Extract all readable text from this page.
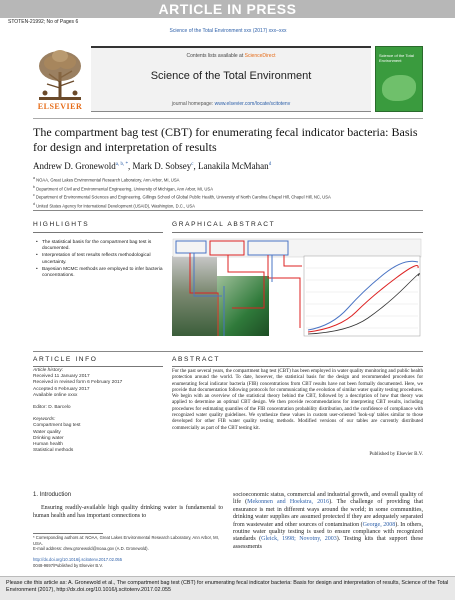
ARTICLE IN PRESS
STOTEN-21992; No of Pages 6
Science of the Total Environment xxx (2017) xxx–xxx
ELSEVIER
Contents lists available at ScienceDirect
Science of the Total Environment
journal homepage: www.elsevier.com/locate/scitotenv
Science of the Total Environment
The compartment bag test (CBT) for enumerating fecal indicator bacteria: Basis for design and interpretation of results
Andrew D. Gronewold$^{a, b, *}$, Mark D. Sobsey$^c$, Lanakila McMahan$^d$
$^a$ NOAA, Great Lakes Environmental Research Laboratory, Ann Arbor, MI, USA
$^b$ Department of Civil and Environmental Engineering, University of Michigan, Ann Arbor, MI, USA
$^c$ Department of Environmental Sciences and Engineering, Gillings School of Global Public Health, University of North Carolina Chapel Hill, Chapel Hill, NC, USA
$^d$ United States Agency for International Development (USAID), Washington, D.C., USA
HIGHLIGHTS
• The statistical basis for the compartment bag test is documented.
• Interpretation of test results reflects methodological uncertainty.
• Bayesian MCMC methods are employed to infer bacteria concentrations.
GRAPHICAL ABSTRACT
ARTICLE INFO
Article history:
Received 11 January 2017
Received in revised form 6 February 2017
Accepted 6 February 2017
Available online xxxx
Editor: D. Barcelo
Keywords:
Compartment bag test
Water quality
Drinking water
Human health
Statistical methods
ABSTRACT
For the past several years, the compartment bag test (CBT) has been employed in water quality monitoring and public health protection around the world. To date, however, the statistical basis for the design and recommended procedures for enumerating fecal indicator bacteria (FIB) concentrations from CBT results have not been formally documented. Here, we provide that documentation following protocols for communicating the evolution of similar water quality testing procedures. We begin with an overview of the statistical theory behind the CBT, followed by a description of how that theory was applied to determine an optimal CBT design. We then provide recommendations for interpreting CBT results, including procedures for estimating quantiles of the FIB concentration probability distribution, and the confidence of compliance with recognized water quality guidelines. We synthesize these values in custom user-oriented 'look-up' tables similar to those developed for other FIB water quality testing methods. Modified versions of our tables are currently distributed commercially as part of the CBT testing kit.
Published by Elsevier B.V.
1. Introduction
Ensuring readily-available high quality drinking water is fundamental to human health and has important connections to
socioeconomic status, commercial and industrial growth, and overall quality of life (Mekonnen and Hoekstra, 2016). The challenge of providing that ensurance is met in different ways around the world; in some communities, drinking water supplies are assumed protected if they are adequately separated from wastewater and other sources of contamination (George, 2008). In others, routine water quality testing is used to ensure compliance with recognized standards (Gleick, 1998; Novotny, 2003). Testing kits that support these assessments
* Corresponding authors at: NOAA, Great Lakes Environmental Research Laboratory, Ann Arbor, MI, USA.
E-mail address: drew.gronewold@noaa.gov (A.D. Gronewold).
http://dx.doi.org/10.1016/j.scitotenv.2017.02.055
0048-9697/Published by Elsevier B.V.
Please cite this article as: A. Gronewold et al., The compartment bag test (CBT) for enumerating fecal indicator bacteria: Basis for design and interpretation of results, Science of the Total Environment (2017), http://dx.doi.org/10.1016/j.scitotenv.2017.02.055
